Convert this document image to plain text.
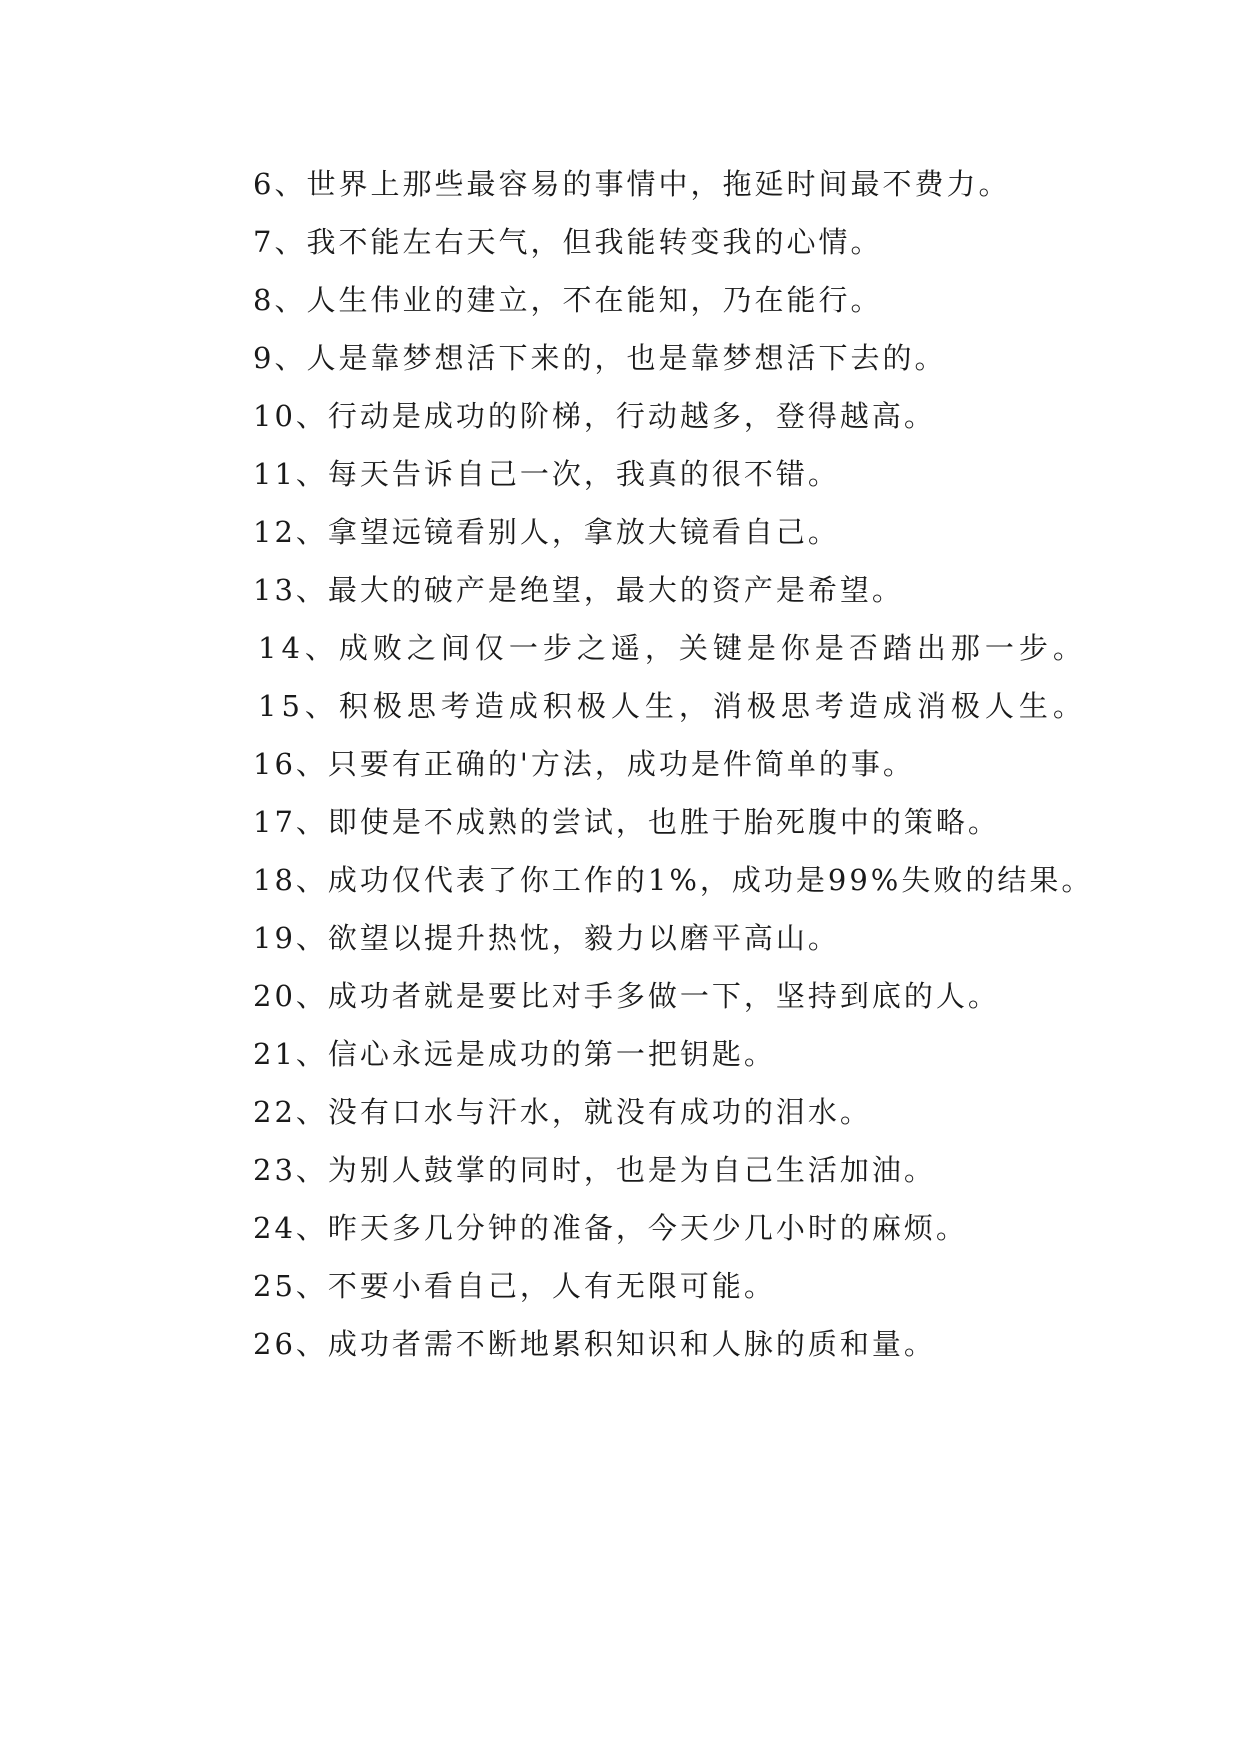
6、世界上那些最容易的事情中，拖延时间最不费力。
7、我不能左右天气，但我能转变我的心情。
8、人生伟业的建立，不在能知，乃在能行。
9、人是靠梦想活下来的，也是靠梦想活下去的。
10、行动是成功的阶梯，行动越多，登得越高。
11、每天告诉自己一次，我真的很不错。
12、拿望远镜看别人，拿放大镜看自己。
13、最大的破产是绝望，最大的资产是希望。
14、成败之间仅一步之遥，关键是你是否踏出那一步。
15、积极思考造成积极人生，消极思考造成消极人生。
16、只要有正确的'方法，成功是件简单的事。
17、即使是不成熟的尝试，也胜于胎死腹中的策略。
18、成功仅代表了你工作的1%，成功是99%失败的结果。
19、欲望以提升热忱，毅力以磨平高山。
20、成功者就是要比对手多做一下，坚持到底的人。
21、信心永远是成功的第一把钥匙。
22、没有口水与汗水，就没有成功的泪水。
23、为别人鼓掌的同时，也是为自己生活加油。
24、昨天多几分钟的准备，今天少几小时的麻烦。
25、不要小看自己，人有无限可能。
26、成功者需不断地累积知识和人脉的质和量。
